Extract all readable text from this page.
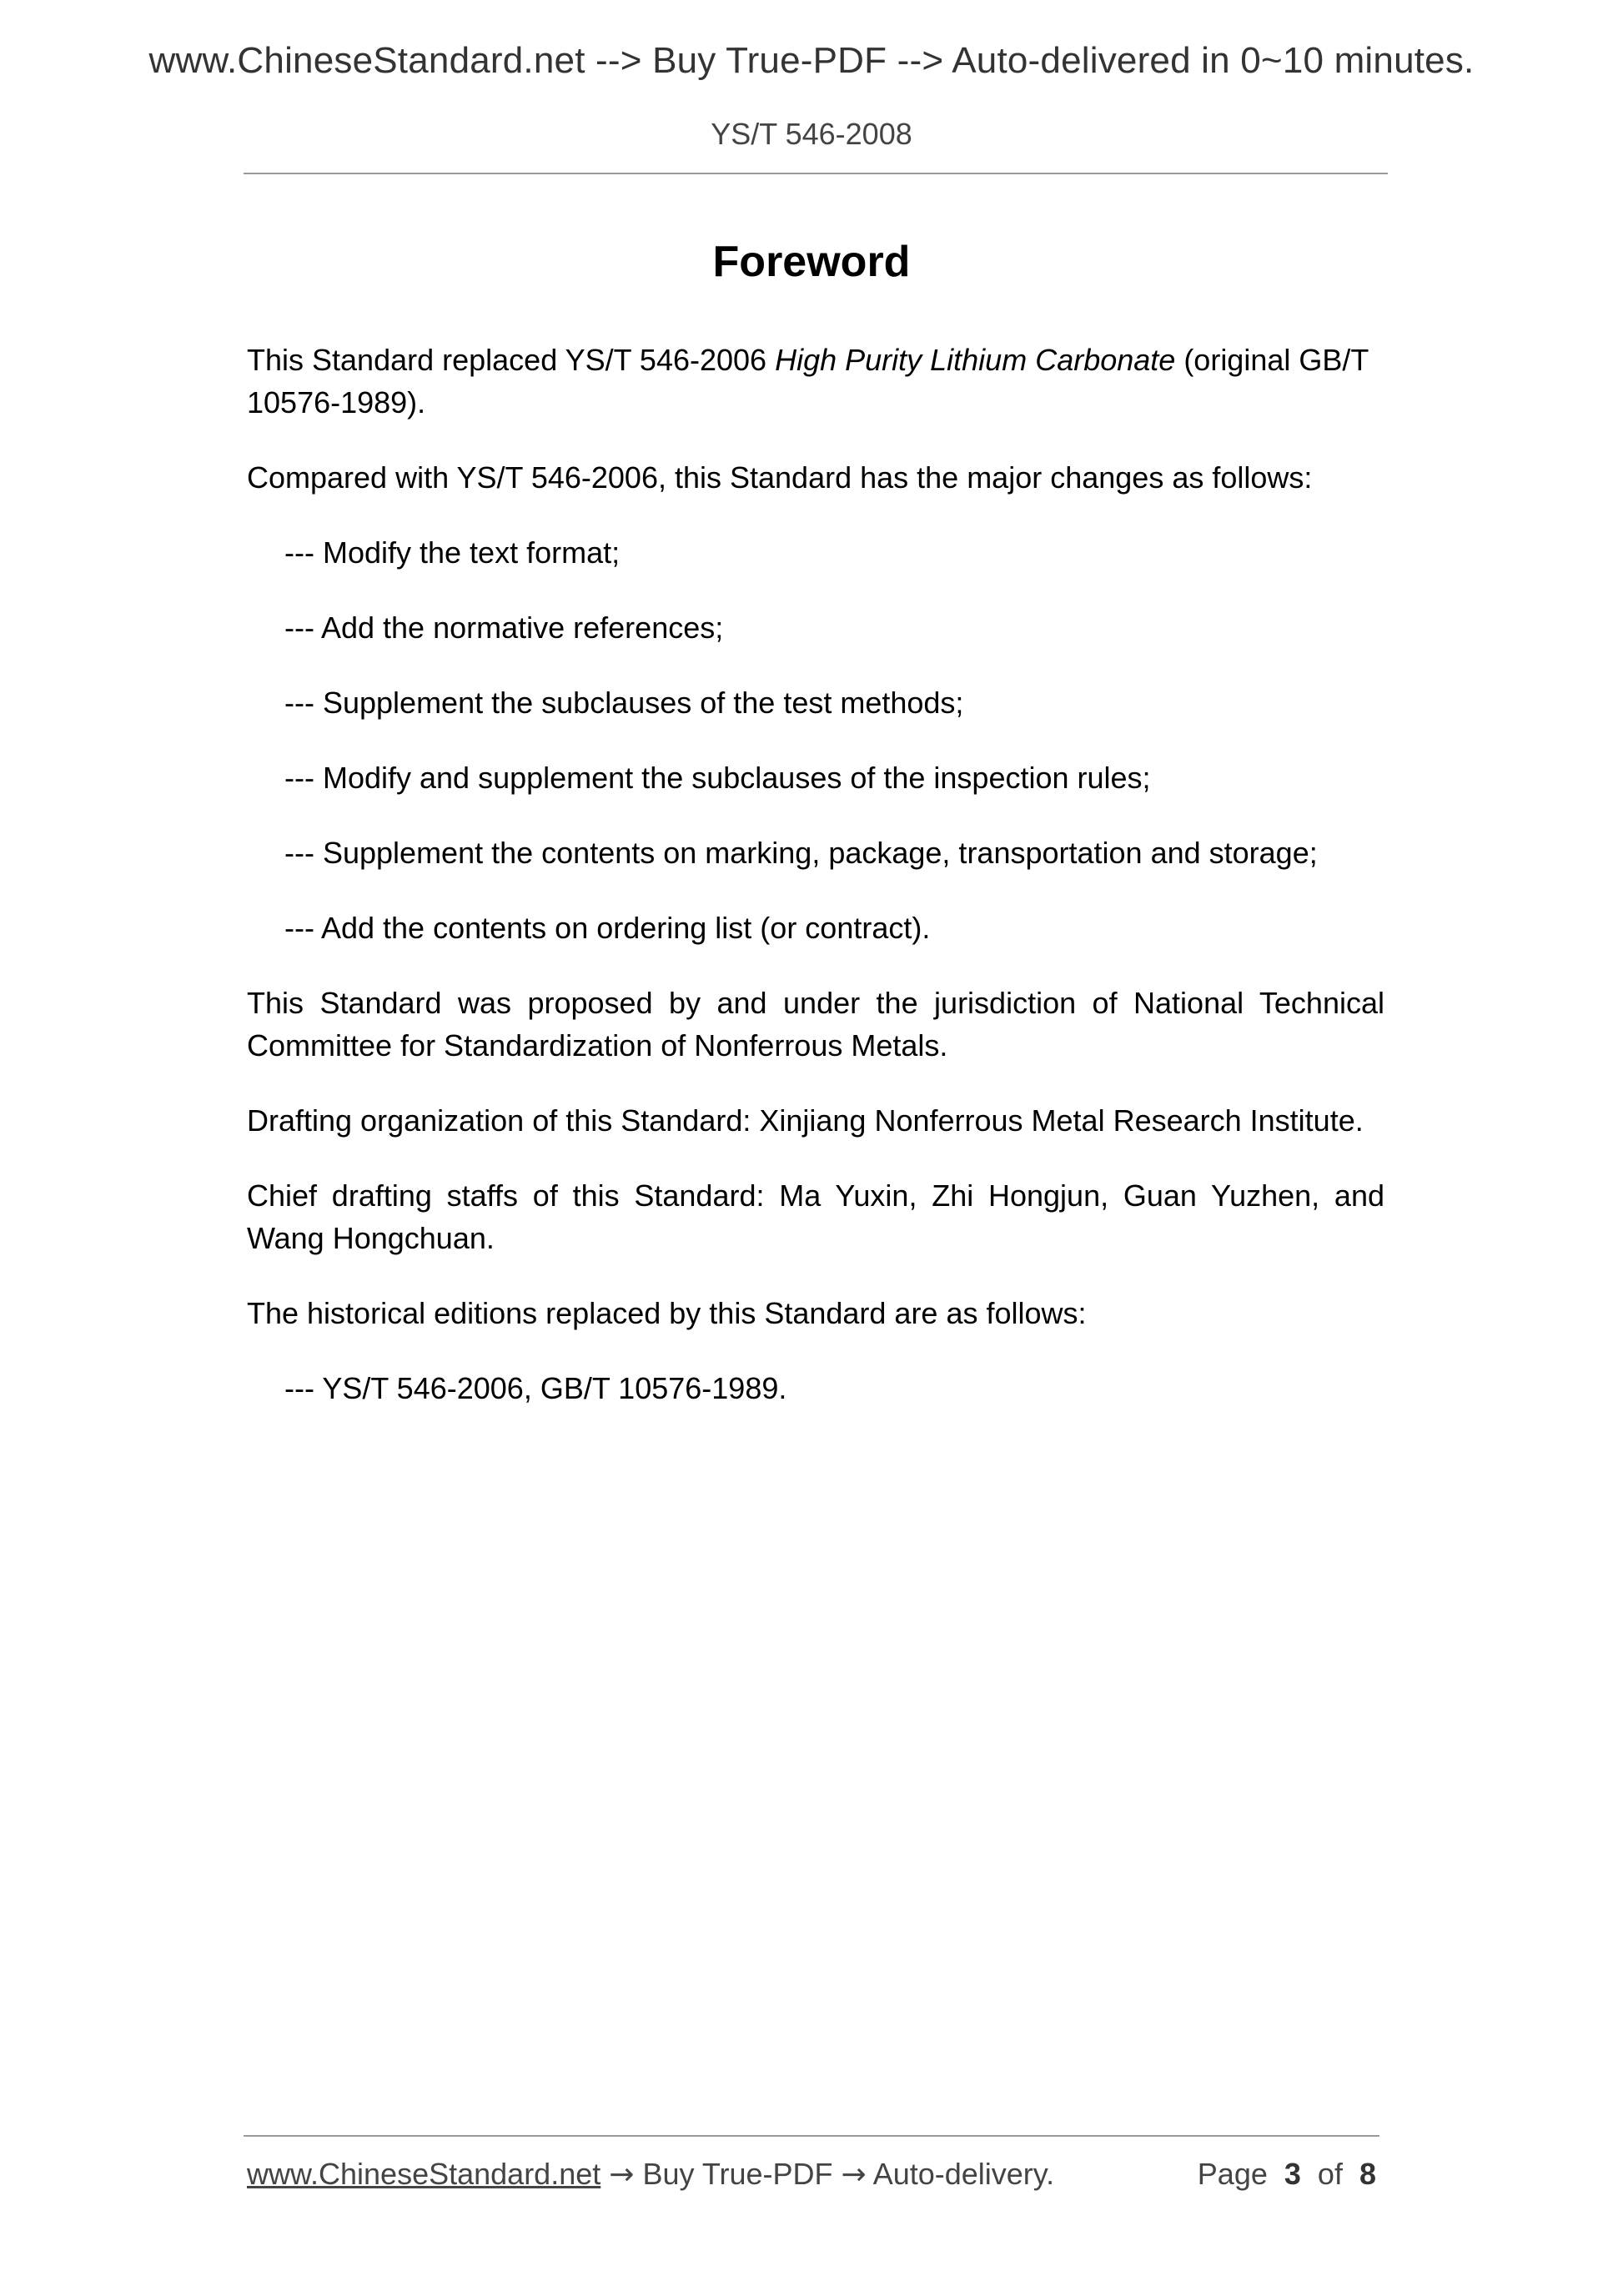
www.ChineseStandard.net --> Buy True-PDF --> Auto-delivered in 0~10 minutes.
YS/T 546-2008
Foreword

This Standard replaced YS/T 546-2006 High Purity Lithium Carbonate (original GB/T 10576-1989).

Compared with YS/T 546-2006, this Standard has the major changes as follows:

--- Modify the text format;

--- Add the normative references;

--- Supplement the subclauses of the test methods;

--- Modify and supplement the subclauses of the inspection rules;

--- Supplement the contents on marking, package, transportation and storage;

--- Add the contents on ordering list (or contract).

This Standard was proposed by and under the jurisdiction of National Technical Committee for Standardization of Nonferrous Metals.

Drafting organization of this Standard: Xinjiang Nonferrous Metal Research Institute.

Chief drafting staffs of this Standard: Ma Yuxin, Zhi Hongjun, Guan Yuzhen, and Wang Hongchuan.

The historical editions replaced by this Standard are as follows:

--- YS/T 546-2006, GB/T 10576-1989.

www.ChineseStandard.net → Buy True-PDF → Auto-delivery.	Page 3 of 8
